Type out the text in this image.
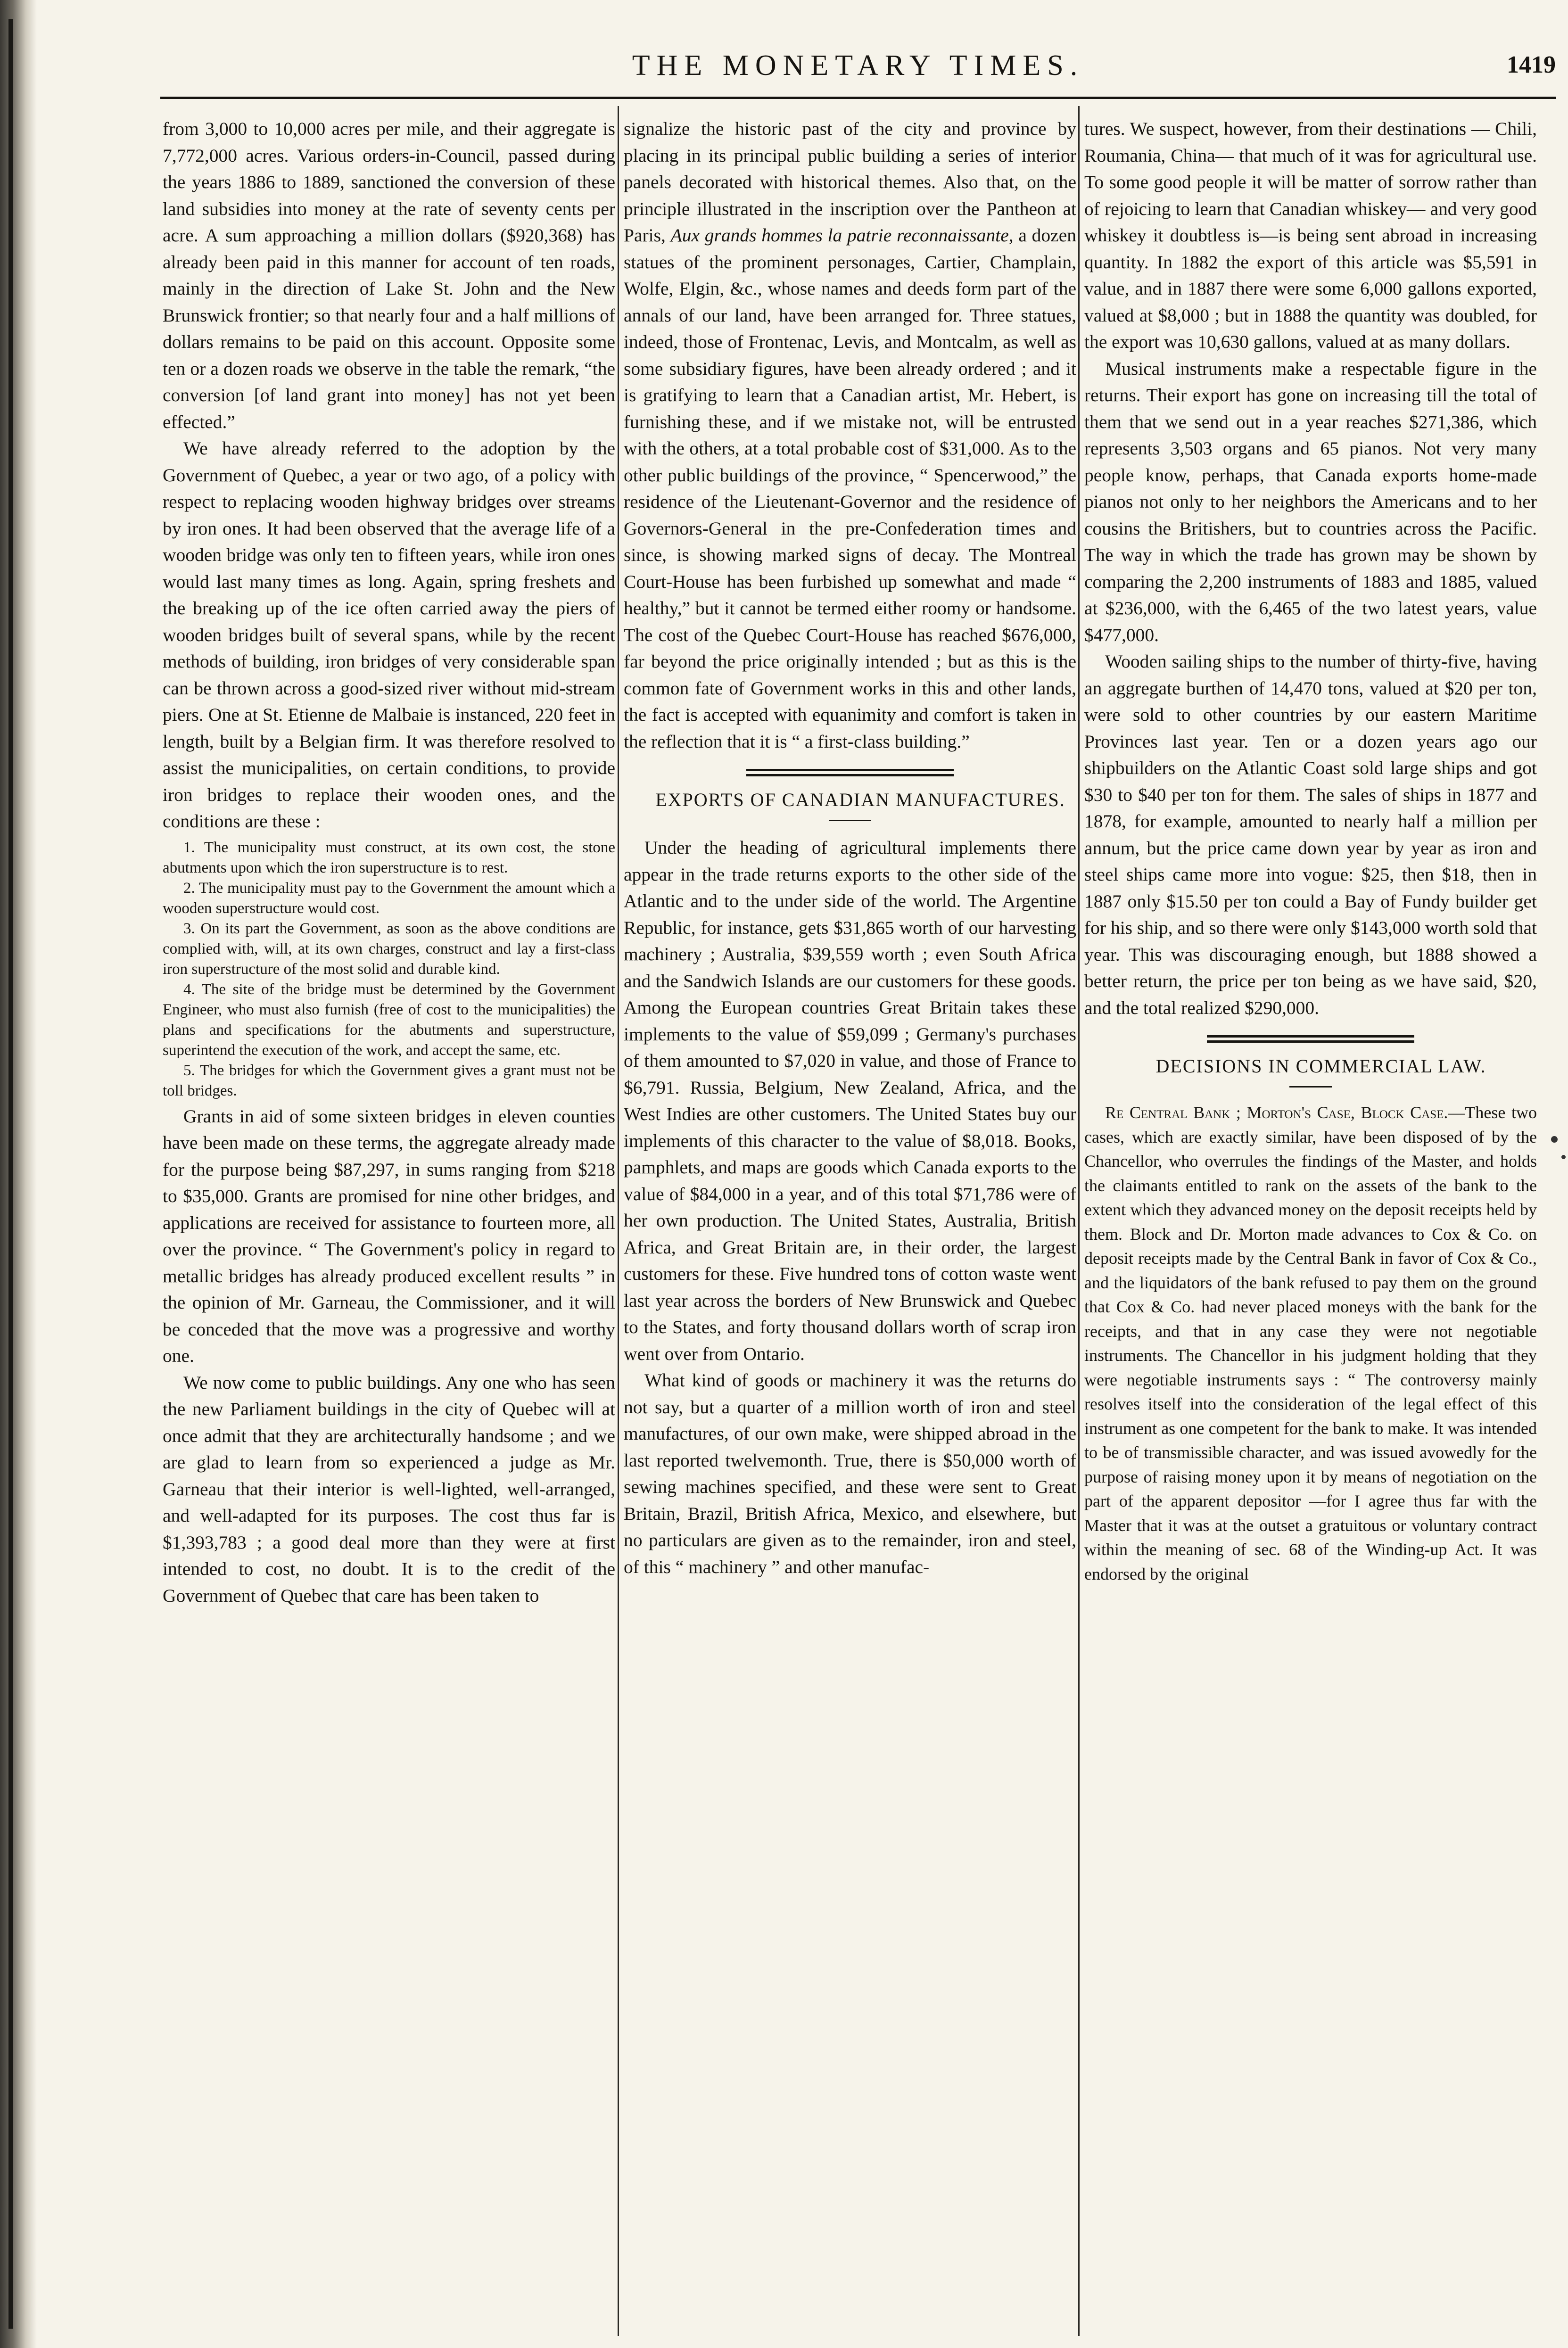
THE MONETARY TIMES.	1419

from 3,000 to 10,000 acres per mile, and their aggregate is 7,772,000 acres. Various orders-in-Council, passed during the years 1886 to 1889, sanctioned the conversion of these land subsidies into money at the rate of seventy cents per acre. A sum approaching a million dollars ($920,368) has already been paid in this manner for account of ten roads, mainly in the direction of Lake St. John and the New Brunswick frontier; so that nearly four and a half millions of dollars remains to be paid on this account. Opposite some ten or a dozen roads we observe in the table the remark, “the conversion [of land grant into money] has not yet been effected.”

We have already referred to the adoption by the Government of Quebec, a year or two ago, of a policy with respect to replacing wooden highway bridges over streams by iron ones. It had been observed that the average life of a wooden bridge was only ten to fifteen years, while iron ones would last many times as long. Again, spring freshets and the breaking up of the ice often carried away the piers of wooden bridges built of several spans, while by the recent methods of building, iron bridges of very considerable span can be thrown across a good-sized river without mid-stream piers. One at St. Etienne de Malbaie is instanced, 220 feet in length, built by a Belgian firm. It was therefore resolved to assist the municipalities, on certain conditions, to provide iron bridges to replace their wooden ones, and the conditions are these :

1. The municipality must construct, at its own cost, the stone abutments upon which the iron superstructure is to rest.
2. The municipality must pay to the Government the amount which a wooden superstructure would cost.
3. On its part the Government, as soon as the above conditions are complied with, will, at its own charges, construct and lay a first-class iron superstructure of the most solid and durable kind.
4. The site of the bridge must be determined by the Government Engineer, who must also furnish (free of cost to the municipalities) the plans and specifications for the abutments and superstructure, superintend the execution of the work, and accept the same, etc.
5. The bridges for which the Government gives a grant must not be toll bridges.

Grants in aid of some sixteen bridges in eleven counties have been made on these terms, the aggregate already made for the purpose being $87,297, in sums ranging from $218 to $35,000. Grants are promised for nine other bridges, and applications are received for assistance to fourteen more, all over the province. “ The Government's policy in regard to metallic bridges has already produced excellent results ” in the opinion of Mr. Garneau, the Commissioner, and it will be conceded that the move was a progressive and worthy one.

We now come to public buildings. Any one who has seen the new Parliament buildings in the city of Quebec will at once admit that they are architecturally handsome ; and we are glad to learn from so experienced a judge as Mr. Garneau that their interior is well-lighted, well-arranged, and well-adapted for its purposes. The cost thus far is $1,393,783 ; a good deal more than they were at first intended to cost, no doubt. It is to the credit of the Government of Quebec that care has been taken to

signalize the historic past of the city and province by placing in its principal public building a series of interior panels decorated with historical themes. Also that, on the principle illustrated in the inscription over the Pantheon at Paris, Aux grands hommes la patrie reconnaissante, a dozen statues of the prominent personages, Cartier, Champlain, Wolfe, Elgin, &c., whose names and deeds form part of the annals of our land, have been arranged for. Three statues, indeed, those of Frontenac, Levis, and Montcalm, as well as some subsidiary figures, have been already ordered ; and it is gratifying to learn that a Canadian artist, Mr. Hebert, is furnishing these, and if we mistake not, will be entrusted with the others, at a total probable cost of $31,000. As to the other public buildings of the province, “ Spencerwood,” the residence of the Lieutenant-Governor and the residence of Governors-General in the pre-Confederation times and since, is showing marked signs of decay. The Montreal Court-House has been furbished up somewhat and made “ healthy,” but it cannot be termed either roomy or handsome. The cost of the Quebec Court-House has reached $676,000, far beyond the price originally intended ; but as this is the common fate of Government works in this and other lands, the fact is accepted with equanimity and comfort is taken in the reflection that it is “ a first-class building.”

EXPORTS OF CANADIAN MANUFACTURES.

Under the heading of agricultural implements there appear in the trade returns exports to the other side of the Atlantic and to the under side of the world. The Argentine Republic, for instance, gets $31,865 worth of our harvesting machinery ; Australia, $39,559 worth ; even South Africa and the Sandwich Islands are our customers for these goods. Among the European countries Great Britain takes these implements to the value of $59,099 ; Germany's purchases of them amounted to $7,020 in value, and those of France to $6,791. Russia, Belgium, New Zealand, Africa, and the West Indies are other customers. The United States buy our implements of this character to the value of $8,018. Books, pamphlets, and maps are goods which Canada exports to the value of $84,000 in a year, and of this total $71,786 were of her own production. The United States, Australia, British Africa, and Great Britain are, in their order, the largest customers for these. Five hundred tons of cotton waste went last year across the borders of New Brunswick and Quebec to the States, and forty thousand dollars worth of scrap iron went over from Ontario.

What kind of goods or machinery it was the returns do not say, but a quarter of a million worth of iron and steel manufactures, of our own make, were shipped abroad in the last reported twelvemonth. True, there is $50,000 worth of sewing machines specified, and these were sent to Great Britain, Brazil, British Africa, Mexico, and elsewhere, but no particulars are given as to the remainder, iron and steel, of this “ machinery ” and other manufac-

tures. We suspect, however, from their destinations — Chili, Roumania, China— that much of it was for agricultural use. To some good people it will be matter of sorrow rather than of rejoicing to learn that Canadian whiskey— and very good whiskey it doubtless is—is being sent abroad in increasing quantity. In 1882 the export of this article was $5,591 in value, and in 1887 there were some 6,000 gallons exported, valued at $8,000 ; but in 1888 the quantity was doubled, for the export was 10,630 gallons, valued at as many dollars.

Musical instruments make a respectable figure in the returns. Their export has gone on increasing till the total of them that we send out in a year reaches $271,386, which represents 3,503 organs and 65 pianos. Not very many people know, perhaps, that Canada exports home-made pianos not only to her neighbors the Americans and to her cousins the Britishers, but to countries across the Pacific. The way in which the trade has grown may be shown by comparing the 2,200 instruments of 1883 and 1885, valued at $236,000, with the 6,465 of the two latest years, value $477,000.

Wooden sailing ships to the number of thirty-five, having an aggregate burthen of 14,470 tons, valued at $20 per ton, were sold to other countries by our eastern Maritime Provinces last year. Ten or a dozen years ago our shipbuilders on the Atlantic Coast sold large ships and got $30 to $40 per ton for them. The sales of ships in 1877 and 1878, for example, amounted to nearly half a million per annum, but the price came down year by year as iron and steel ships came more into vogue: $25, then $18, then in 1887 only $15.50 per ton could a Bay of Fundy builder get for his ship, and so there were only $143,000 worth sold that year. This was discouraging enough, but 1888 showed a better return, the price per ton being as we have said, $20, and the total realized $290,000.

DECISIONS IN COMMERCIAL LAW.

Re Central Bank ; Morton's Case, Block Case.—These two cases, which are exactly similar, have been disposed of by the Chancellor, who overrules the findings of the Master, and holds the claimants entitled to rank on the assets of the bank to the extent which they advanced money on the deposit receipts held by them. Block and Dr. Morton made advances to Cox & Co. on deposit receipts made by the Central Bank in favor of Cox & Co., and the liquidators of the bank refused to pay them on the ground that Cox & Co. had never placed moneys with the bank for the receipts, and that in any case they were not negotiable instruments. The Chancellor in his judgment holding that they were negotiable instruments says : “ The controversy mainly resolves itself into the consideration of the legal effect of this instrument as one competent for the bank to make. It was intended to be of transmissible character, and was issued avowedly for the purpose of raising money upon it by means of negotiation on the part of the apparent depositor —for I agree thus far with the Master that it was at the outset a gratuitous or voluntary contract within the meaning of sec. 68 of the Winding-up Act. It was endorsed by the original
